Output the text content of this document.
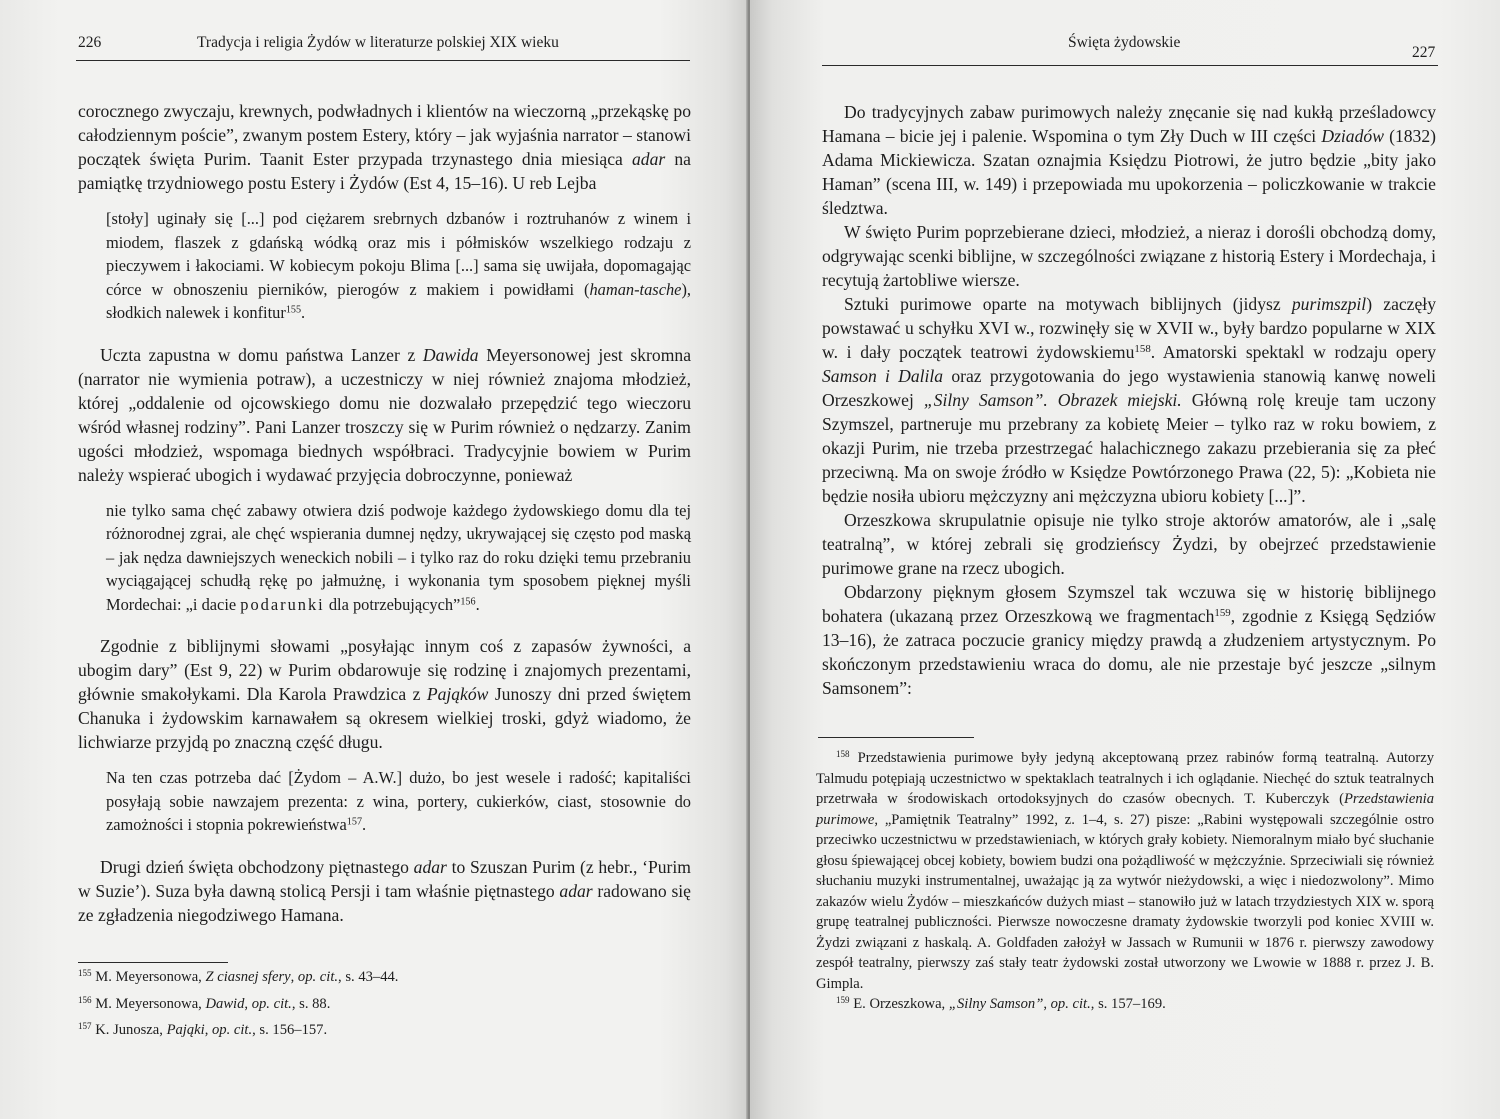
226	Tradycja i religia Żydów w literaturze polskiej XIX wieku

corocznego zwyczaju, krewnych, podwładnych i klientów na wieczorną „przekąskę po całodziennym poście”, zwanym postem Estery, który – jak wyjaśnia narrator – stanowi początek święta Purim. Taanit Ester przypada trzynastego dnia miesiąca adar na pamiątkę trzydniowego postu Estery i Żydów (Est 4, 15–16). U reb Lejba

[stoły] uginały się [...] pod ciężarem srebrnych dzbanów i roztruhanów z winem i miodem, flaszek z gdańską wódką oraz mis i półmisków wszelkiego rodzaju z pieczywem i łakociami. W kobiecym pokoju Blima [...] sama się uwijała, dopomagając córce w obnoszeniu pierników, pierogów z makiem i powidłami (haman-tasche), słodkich nalewek i konfitur$^{155}$.

Uczta zapustna w domu państwa Lanzer z Dawida Meyersonowej jest skromna (narrator nie wymienia potraw), a uczestniczy w niej również znajoma młodzież, której „oddalenie od ojcowskiego domu nie dozwalało przepędzić tego wieczoru wśród własnej rodziny”. Pani Lanzer troszczy się w Purim również o nędzarzy. Zanim ugości młodzież, wspomaga biednych współbraci. Tradycyjnie bowiem w Purim należy wspierać ubogich i wydawać przyjęcia dobroczynne, ponieważ

nie tylko sama chęć zabawy otwiera dziś podwoje każdego żydowskiego domu dla tej różnorodnej zgrai, ale chęć wspierania dumnej nędzy, ukrywającej się często pod maską – jak nędza dawniejszych weneckich nobili – i tylko raz do roku dzięki temu przebraniu wyciągającej schudłą rękę po jałmużnę, i wykonania tym sposobem pięknej myśli Mordechai: „i dacie podarunki dla potrzebujących”$^{156}$.

Zgodnie z biblijnymi słowami „posyłając innym coś z zapasów żywności, a ubogim dary” (Est 9, 22) w Purim obdarowuje się rodzinę i znajomych prezentami, głównie smakołykami. Dla Karola Prawdzica z Pająków Junoszy dni przed świętem Chanuka i żydowskim karnawałem są okresem wielkiej troski, gdyż wiadomo, że lichwiarze przyjdą po znaczną część długu.

Na ten czas potrzeba dać [Żydom – A.W.] dużo, bo jest wesele i radość; kapitaliści posyłają sobie nawzajem prezenta: z wina, portery, cukierków, ciast, stosownie do zamożności i stopnia pokrewieństwa$^{157}$.

Drugi dzień święta obchodzony piętnastego adar to Szuszan Purim (z hebr., ‘Purim w Suzie’). Suza była dawną stolicą Persji i tam właśnie piętnastego adar radowano się ze zgładzenia niegodziwego Hamana.

$^{155}$ M. Meyersonowa, Z ciasnej sfery, op. cit., s. 43–44.

$^{156}$ M. Meyersonowa, Dawid, op. cit., s. 88.

$^{157}$ K. Junosza, Pająki, op. cit., s. 156–157.

Święta żydowskie
227

Do tradycyjnych zabaw purimowych należy znęcanie się nad kukłą prześladowcy Hamana – bicie jej i palenie. Wspomina o tym Zły Duch w III części Dziadów (1832) Adama Mickiewicza. Szatan oznajmia Księdzu Piotrowi, że jutro będzie „bity jako Haman” (scena III, w. 149) i przepowiada mu upokorzenia – policzkowanie w trakcie śledztwa.

W święto Purim poprzebierane dzieci, młodzież, a nieraz i dorośli obchodzą domy, odgrywając scenki biblijne, w szczególności związane z historią Estery i Mordechaja, i recytują żartobliwe wiersze.

Sztuki purimowe oparte na motywach biblijnych (jidysz purimszpil) zaczęły powstawać u schyłku XVI w., rozwinęły się w XVII w., były bardzo popularne w XIX w. i dały początek teatrowi żydowskiemu$^{158}$. Amatorski spektakl w rodzaju opery Samson i Dalila oraz przygotowania do jego wystawienia stanowią kanwę noweli Orzeszkowej „Silny Samson”. Obrazek miejski. Główną rolę kreuje tam uczony Szymszel, partneruje mu przebrany za kobietę Meier – tylko raz w roku bowiem, z okazji Purim, nie trzeba przestrzegać halachicznego zakazu przebierania się za płeć przeciwną. Ma on swoje źródło w Księdze Powtórzonego Prawa (22, 5): „Kobieta nie będzie nosiła ubioru mężczyzny ani mężczyzna ubioru kobiety [...]”.

Orzeszkowa skrupulatnie opisuje nie tylko stroje aktorów amatorów, ale i „salę teatralną”, w której zebrali się grodzieńscy Żydzi, by obejrzeć przedstawienie purimowe grane na rzecz ubogich.

Obdarzony pięknym głosem Szymszel tak wczuwa się w historię biblijnego bohatera (ukazaną przez Orzeszkową we fragmentach$^{159}$, zgodnie z Księgą Sędziów 13–16), że zatraca poczucie granicy między prawdą a złudzeniem artystycznym. Po skończonym przedstawieniu wraca do domu, ale nie przestaje być jeszcze „silnym Samsonem”:

$^{158}$ Przedstawienia purimowe były jedyną akceptowaną przez rabinów formą teatralną. Autorzy Talmudu potępiają uczestnictwo w spektaklach teatralnych i ich oglądanie. Niechęć do sztuk teatralnych przetrwała w środowiskach ortodoksyjnych do czasów obecnych. T. Kuberczyk (Przedstawienia purimowe, „Pamiętnik Teatralny” 1992, z. 1–4, s. 27) pisze: „Rabini występowali szczególnie ostro przeciwko uczestnictwu w przedstawieniach, w których grały kobiety. Niemoralnym miało być słuchanie głosu śpiewającej obcej kobiety, bowiem budzi ona pożądliwość w mężczyźnie. Sprzeciwiali się również słuchaniu muzyki instrumentalnej, uważając ją za wytwór nieżydowski, a więc i niedozwolony”. Mimo zakazów wielu Żydów – mieszkańców dużych miast – stanowiło już w latach trzydziestych XIX w. sporą grupę teatralnej publiczności. Pierwsze nowoczesne dramaty żydowskie tworzyli pod koniec XVIII w. Żydzi związani z haskalą. A. Goldfaden założył w Jassach w Rumunii w 1876 r. pierwszy zawodowy zespół teatralny, pierwszy zaś stały teatr żydowski został utworzony we Lwowie w 1888 r. przez J. B. Gimpla.

$^{159}$ E. Orzeszkowa, „Silny Samson”, op. cit., s. 157–169.
